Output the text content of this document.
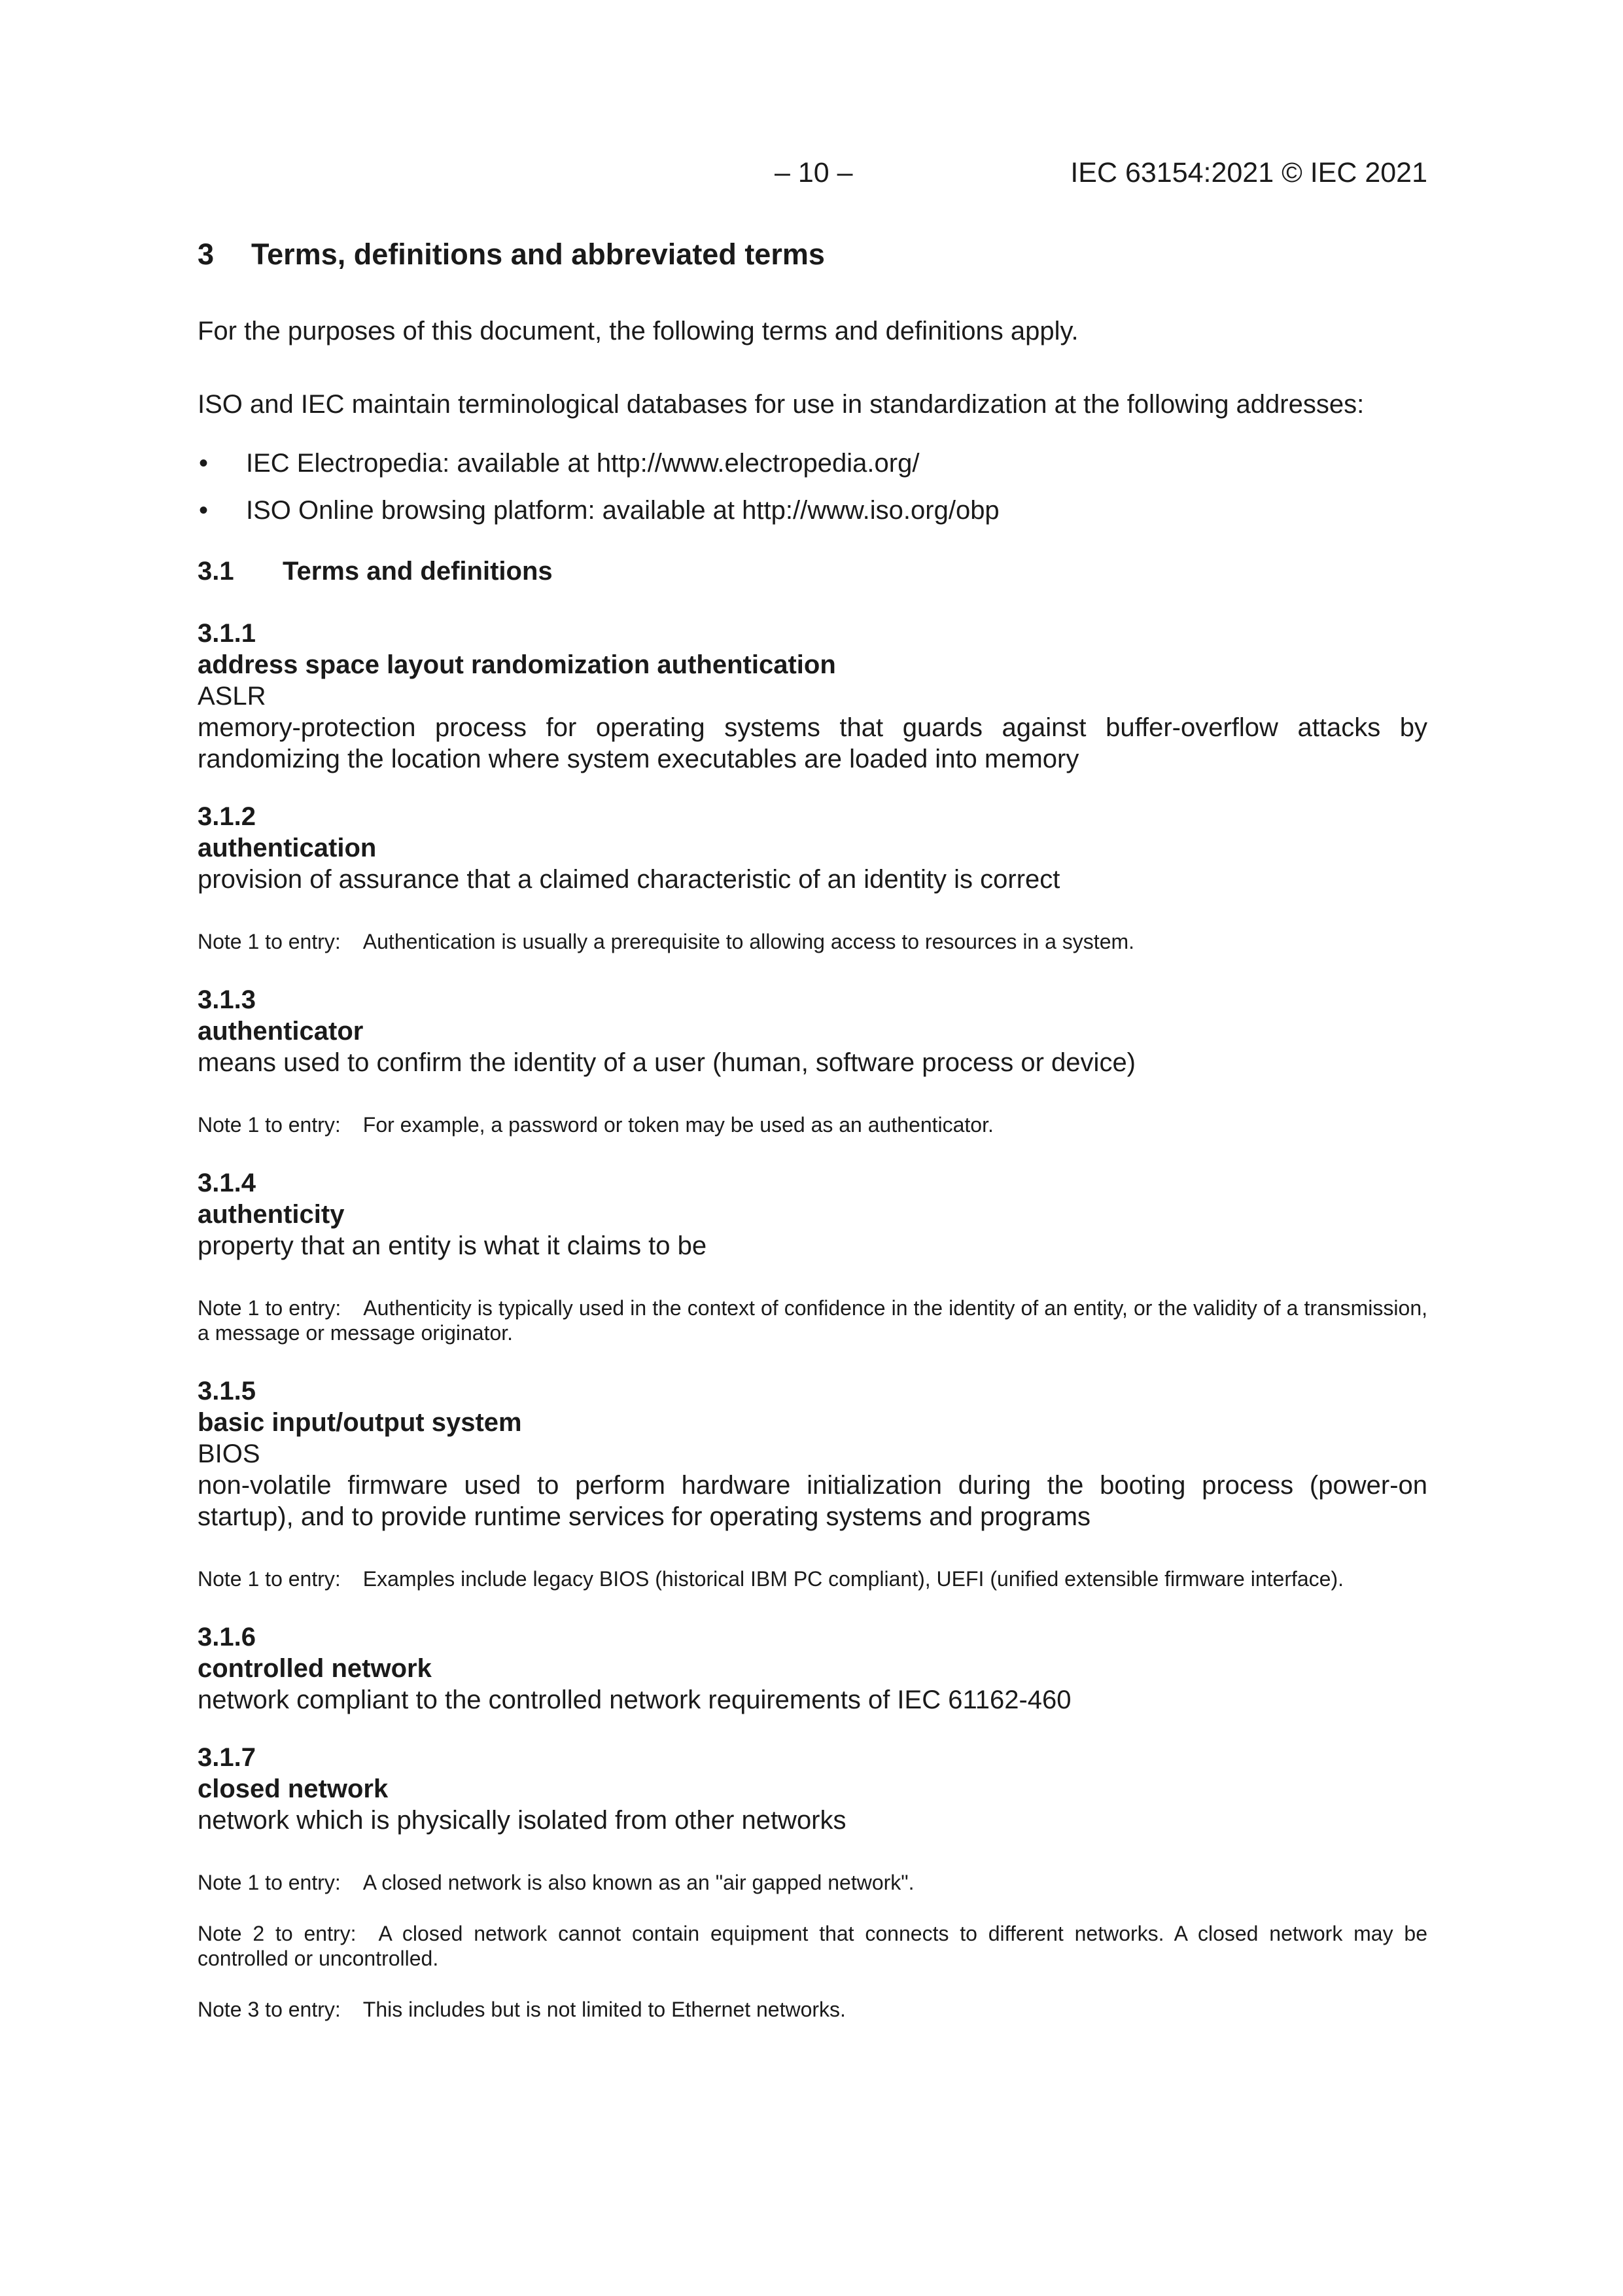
– 10 –	IEC 63154:2021 © IEC 2021
3	Terms, definitions and abbreviated terms

For the purposes of this document, the following terms and definitions apply.

ISO and IEC maintain terminological databases for use in standardization at the following addresses:

•	IEC Electropedia: available at http://www.electropedia.org/
•	ISO Online browsing platform: available at http://www.iso.org/obp
3.1	Terms and definitions
3.1.1
address space layout randomization authentication
ASLR
memory-protection process for operating systems that guards against buffer-overflow attacks by randomizing the location where system executables are loaded into memory
3.1.2
authentication
provision of assurance that a claimed characteristic of an identity is correct
Note 1 to entry: Authentication is usually a prerequisite to allowing access to resources in a system.
3.1.3
authenticator
means used to confirm the identity of a user (human, software process or device)
Note 1 to entry: For example, a password or token may be used as an authenticator.
3.1.4
authenticity
property that an entity is what it claims to be
Note 1 to entry: Authenticity is typically used in the context of confidence in the identity of an entity, or the validity of a transmission, a message or message originator.
3.1.5
basic input/output system
BIOS
non-volatile firmware used to perform hardware initialization during the booting process (power-on startup), and to provide runtime services for operating systems and programs
Note 1 to entry: Examples include legacy BIOS (historical IBM PC compliant), UEFI (unified extensible firmware interface).
3.1.6
controlled network
network compliant to the controlled network requirements of IEC 61162-460
3.1.7
closed network
network which is physically isolated from other networks
Note 1 to entry: A closed network is also known as an "air gapped network".
Note 2 to entry: A closed network cannot contain equipment that connects to different networks. A closed network may be controlled or uncontrolled.
Note 3 to entry: This includes but is not limited to Ethernet networks.
